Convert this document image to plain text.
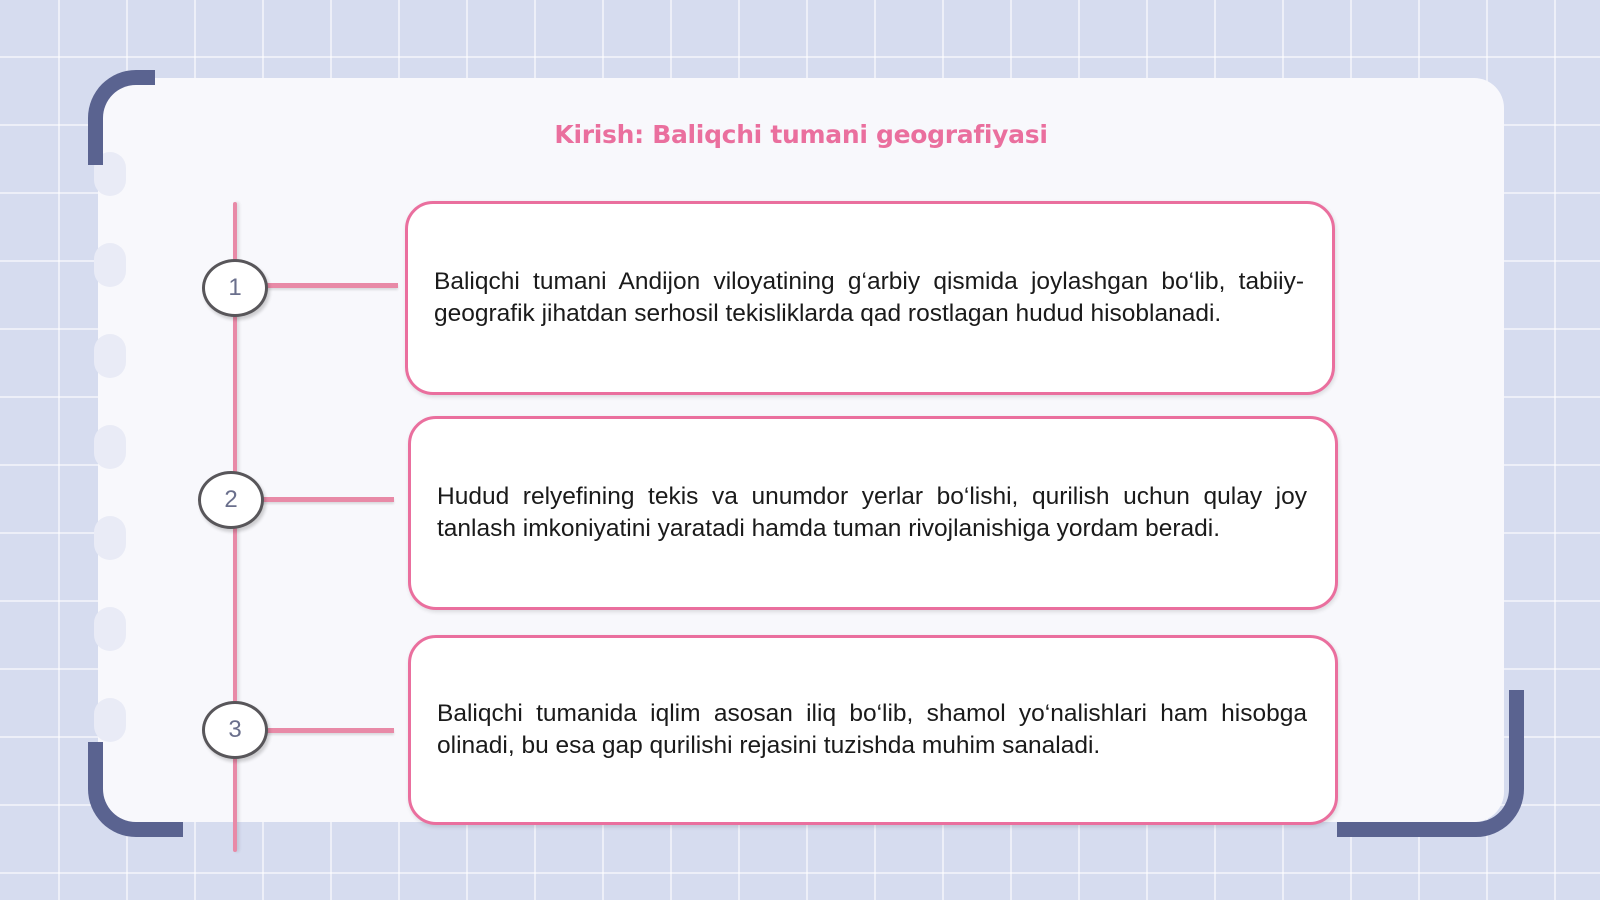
Kirish: Baliqchi tumani geografiyasi
1
2
3
Baliqchi tumani Andijon viloyatining g‘arbiy qismida joylashgan bo‘lib, tabiiy-geografik jihatdan serhosil tekisliklarda qad rostlagan hudud hisoblanadi.
Hudud relyefining tekis va unumdor yerlar bo‘lishi, qurilish uchun qulay joy tanlash imkoniyatini yaratadi hamda tuman rivojlanishiga yordam beradi.
Baliqchi tumanida iqlim asosan iliq bo‘lib, shamol yo‘nalishlari ham hisobga olinadi, bu esa gap qurilishi rejasini tuzishda muhim sanaladi.
